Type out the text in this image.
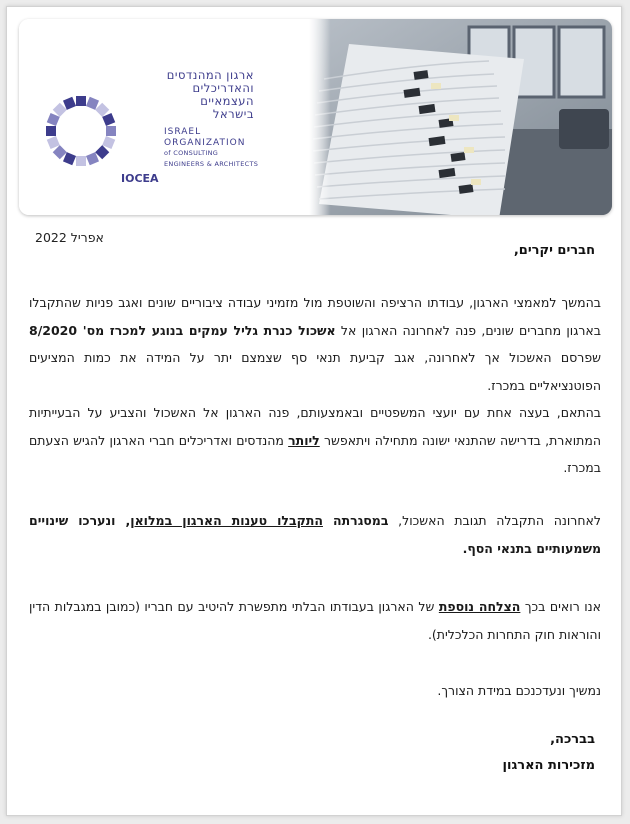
ארגון המהנדסים
והאדריכלים
העצמאיים
בישראל
ISRAEL
ORGANIZATION
of CONSULTING
ENGINEERS & ARCHITECTS
IOCEA
אפריל 2022
חברים יקרים,
בהמשך למאמצי הארגון, עבודתו הרציפה והשוטפת מול מזמיני עבודה ציבוריים שונים ואגב פניות שהתקבלו בארגון מחברים שונים, פנה לאחרונה הארגון אל אשכול כנרת גליל עמקים בנוגע למכרז מס' 8/2020 שפרסם האשכול אך לאחרונה, אגב קביעת תנאי סף שצמצם יתר על המידה את כמות המציעים הפוטנציאליים במכרז.
בהתאם, בעצה אחת עם יועצי המשפטיים ובאמצעותם, פנה הארגון אל האשכול והצביע על הבעייתיות המתוארת, בדרישה שהתנאי ישונה מתחילה ויתאפשר ליותר מהנדסים ואדריכלים חברי הארגון להגיש הצעתם במכרז.
לאחרונה התקבלה תגובת האשכול, במסגרתה התקבלו טענות הארגון במלואן, ונערכו שינויים משמעותיים בתנאי הסף.
אנו רואים בכך הצלחה נוספת של הארגון בעבודתו הבלתי מתפשרת להיטיב עם חבריו (כמובן במגבלות הדין והוראות חוק התחרות הכלכלית).
נמשיך ונעדכנכם במידת הצורך.
בברכה,
מזכירות הארגון
